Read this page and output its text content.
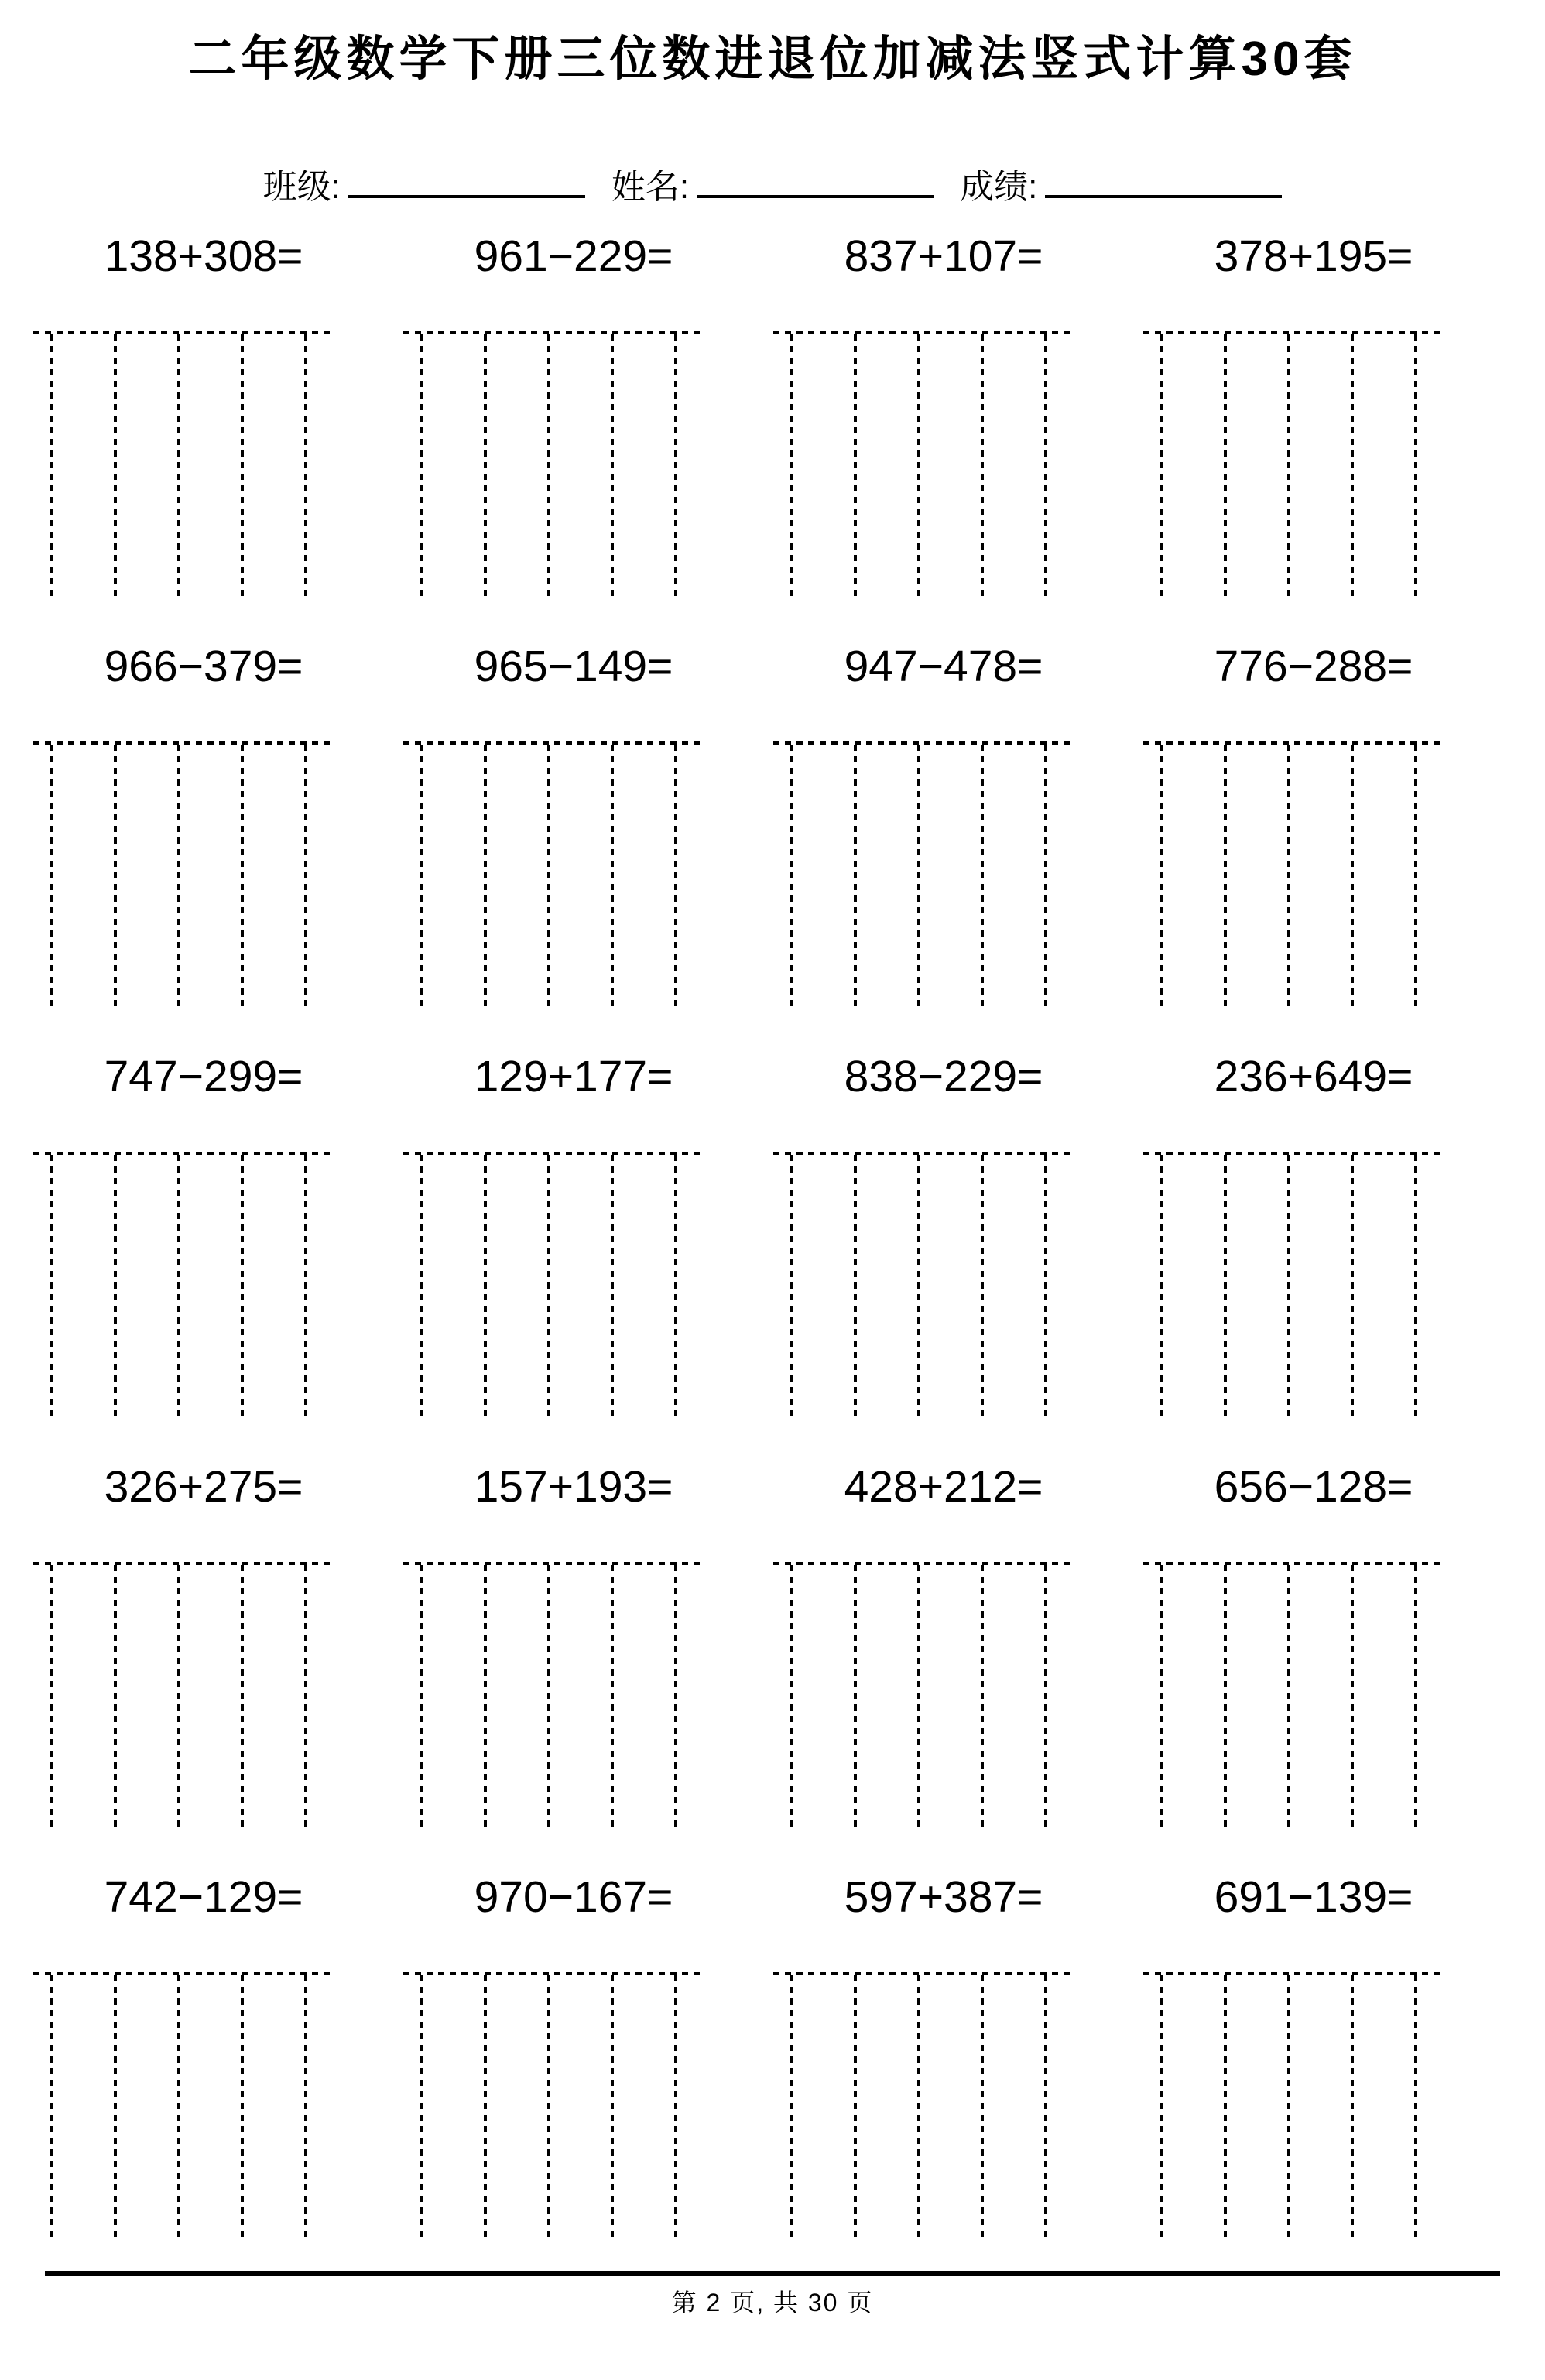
二年级数学下册三位数进退位加减法竖式计算30套
班级:	姓名:	成绩:
138+308=	961−229=	837+107=	378+195=
966−379=	965−149=	947−478=	776−288=
747−299=	129+177=	838−229=	236+649=
326+275=	157+193=	428+212=	656−128=
742−129=	970−167=	597+387=	691−139=
第 2 页, 共 30 页
